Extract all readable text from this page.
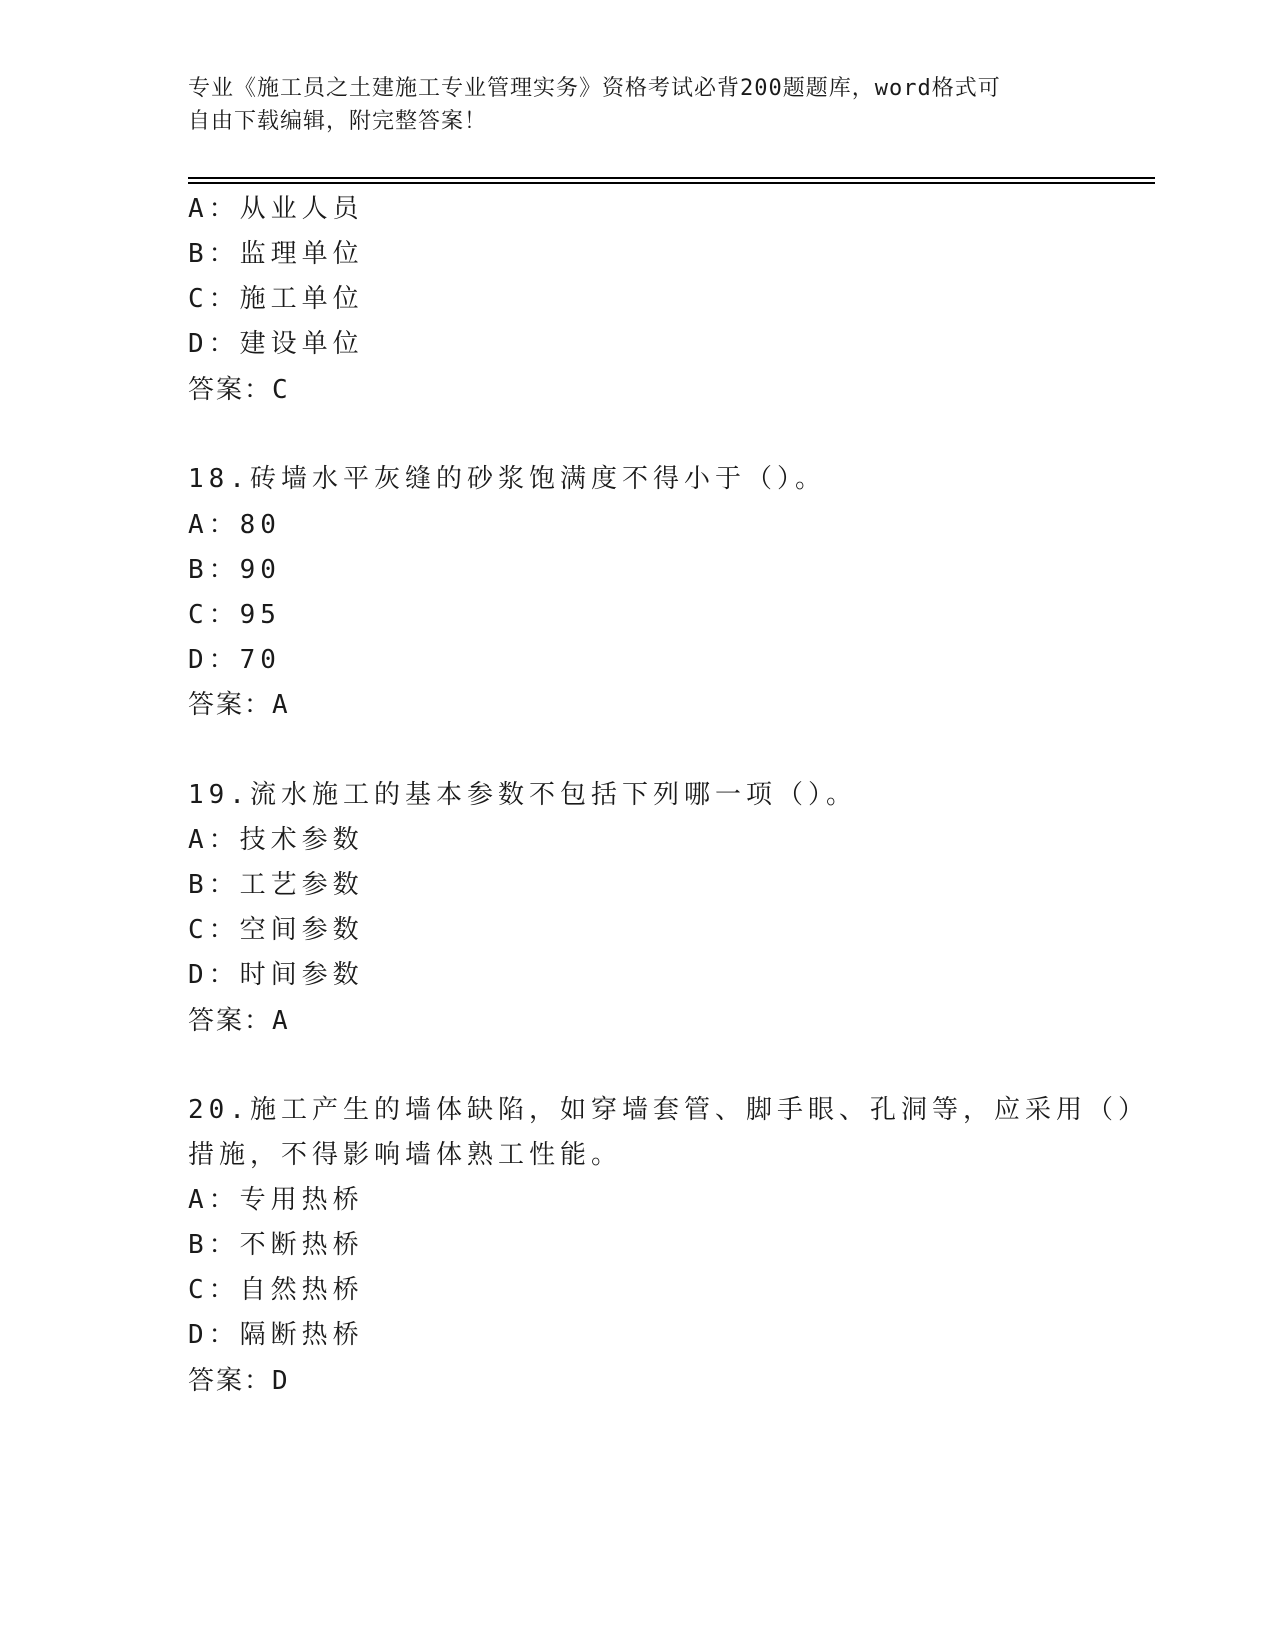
专业《施工员之土建施工专业管理实务》资格考试必背200题题库，word格式可
自由下载编辑，附完整答案！
A：从业人员
B：监理单位
C：施工单位
D：建设单位
答案：C
18.砖墙水平灰缝的砂浆饱满度不得小于（）。
A：80
B：90
C：95
D：70
答案：A
19.流水施工的基本参数不包括下列哪一项（）。
A：技术参数
B：工艺参数
C：空间参数
D：时间参数
答案：A
20.施工产生的墙体缺陷，如穿墙套管、脚手眼、孔洞等，应采用（）
措施，不得影响墙体熟工性能。
A：专用热桥
B：不断热桥
C：自然热桥
D：隔断热桥
答案：D
